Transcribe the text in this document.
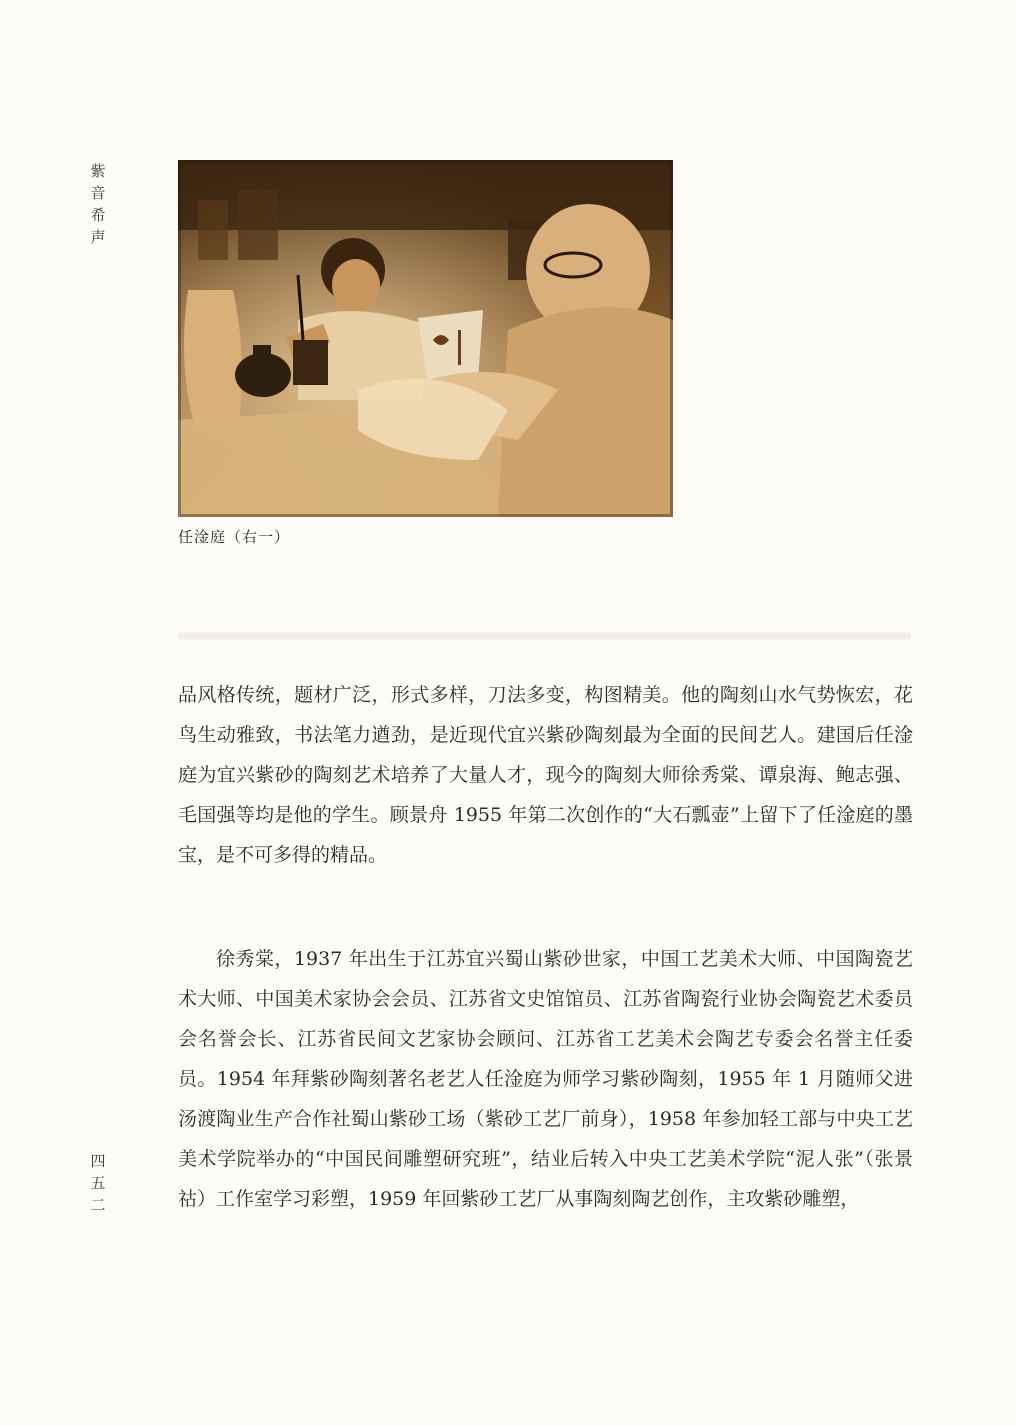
紫
音
希
声
任淦庭（右一）

品风格传统，题材广泛，形式多样，刀法多变，构图精美。他的陶刻山水气势恢宏，花鸟生动雅致，书法笔力遒劲，是近现代宜兴紫砂陶刻最为全面的民间艺人。建国后任淦庭为宜兴紫砂的陶刻艺术培养了大量人才，现今的陶刻大师徐秀棠、谭泉海、鲍志强、毛国强等均是他的学生。顾景舟 1955 年第二次创作的“大石瓢壶”上留下了任淦庭的墨宝，是不可多得的精品。

徐秀棠，1937 年出生于江苏宜兴蜀山紫砂世家，中国工艺美术大师、中国陶瓷艺术大师、中国美术家协会会员、江苏省文史馆馆员、江苏省陶瓷行业协会陶瓷艺术委员会名誉会长、江苏省民间文艺家协会顾问、江苏省工艺美术会陶艺专委会名誉主任委员。1954 年拜紫砂陶刻著名老艺人任淦庭为师学习紫砂陶刻，1955 年 1 月随师父进汤渡陶业生产合作社蜀山紫砂工场（紫砂工艺厂前身），1958 年参加轻工部与中央工艺美术学院举办的“中国民间雕塑研究班”，结业后转入中央工艺美术学院“泥人张”（张景祜）工作室学习彩塑，1959 年回紫砂工艺厂从事陶刻陶艺创作，主攻紫砂雕塑，

四
五
二
